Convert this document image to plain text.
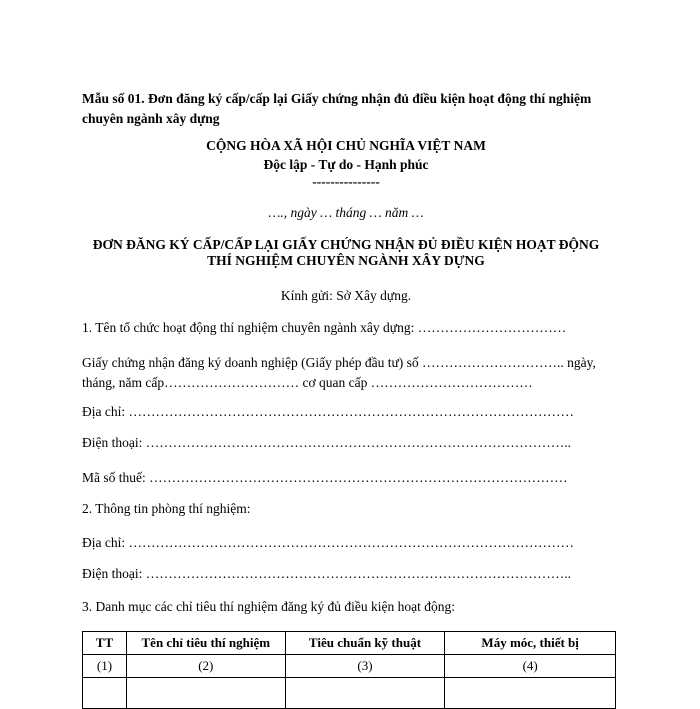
Mẫu số 01. Đơn đăng ký cấp/cấp lại Giấy chứng nhận đủ điều kiện hoạt động thí nghiệm
chuyên ngành xây dựng
CỘNG HÒA XÃ HỘI CHỦ NGHĨA VIỆT NAM
Độc lập - Tự do - Hạnh phúc
---------------
…., ngày … tháng … năm …
ĐƠN ĐĂNG KÝ CẤP/CẤP LẠI GIẤY CHỨNG NHẬN ĐỦ ĐIỀU KIỆN HOẠT ĐỘNG
THÍ NGHIỆM CHUYÊN NGÀNH XÂY DỰNG
Kính gửi: Sở Xây dựng.
1. Tên tổ chức hoạt động thí nghiệm chuyên ngành xây dựng: ……………………………
Giấy chứng nhận đăng ký doanh nghiệp (Giấy phép đầu tư) số ………………………….. ngày,
tháng, năm cấp………………………… cơ quan cấp ………………………………
Địa chỉ: ………………………………………………………………………………………
Điện thoại: …………………………………………………………………………………..
Mã số thuế: …………………………………………………………………………………
2. Thông tin phòng thí nghiệm:
Địa chỉ: ………………………………………………………………………………………
Điện thoại: …………………………………………………………………………………..
3. Danh mục các chỉ tiêu thí nghiệm đăng ký đủ điều kiện hoạt động:
TT	Tên chỉ tiêu thí nghiệm	Tiêu chuẩn kỹ thuật	Máy móc, thiết bị
(1)	(2)	(3)	(4)
